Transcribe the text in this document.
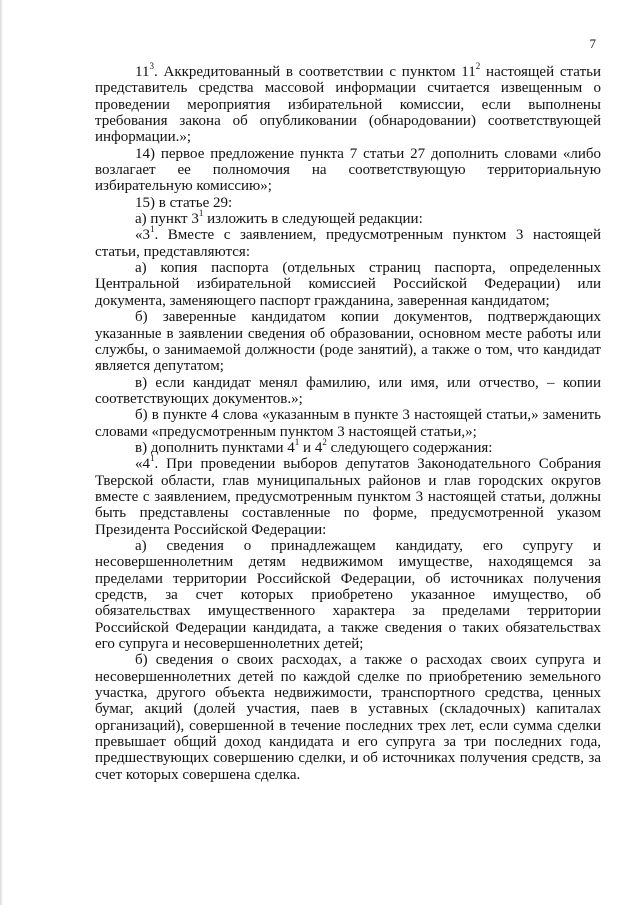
7

$11^3$. Аккредитованный в соответствии с пунктом $11^2$ настоящей статьи представитель средства массовой информации считается извещенным о проведении мероприятия избирательной комиссии, если выполнены требования закона об опубликовании (обнародовании) соответствующей информации.»;

14) первое предложение пункта 7 статьи 27 дополнить словами «либо возлагает ее полномочия на соответствующую территориальную избирательную комиссию»;

15) в статье 29:

а) пункт $3^1$ изложить в следующей редакции:

«$3^1$. Вместе с заявлением, предусмотренным пунктом 3 настоящей статьи, представляются:

а) копия паспорта (отдельных страниц паспорта, определенных Центральной избирательной комиссией Российской Федерации) или документа, заменяющего паспорт гражданина, заверенная кандидатом;

б) заверенные кандидатом копии документов, подтверждающих указанные в заявлении сведения об образовании, основном месте работы или службы, о занимаемой должности (роде занятий), а также о том, что кандидат является депутатом;

в) если кандидат менял фамилию, или имя, или отчество, – копии соответствующих документов.»;

б) в пункте 4 слова «указанным в пункте 3 настоящей статьи,» заменить словами «предусмотренным пунктом 3 настоящей статьи,»;

в) дополнить пунктами $4^1$ и $4^2$ следующего содержания:

«$4^1$. При проведении выборов депутатов Законодательного Собрания Тверской области, глав муниципальных районов и глав городских округов вместе с заявлением, предусмотренным пунктом 3 настоящей статьи, должны быть представлены составленные по форме, предусмотренной указом Президента Российской Федерации:

а) сведения о принадлежащем кандидату, его супругу и несовершеннолетним детям недвижимом имуществе, находящемся за пределами территории Российской Федерации, об источниках получения средств, за счет которых приобретено указанное имущество, об обязательствах имущественного характера за пределами территории Российской Федерации кандидата, а также сведения о таких обязательствах его супруга и несовершеннолетних детей;

б) сведения о своих расходах, а также о расходах своих супруга и несовершеннолетних детей по каждой сделке по приобретению земельного участка, другого объекта недвижимости, транспортного средства, ценных бумаг, акций (долей участия, паев в уставных (складочных) капиталах организаций), совершенной в течение последних трех лет, если сумма сделки превышает общий доход кандидата и его супруга за три последних года, предшествующих совершению сделки, и об источниках получения средств, за счет которых совершена сделка.
